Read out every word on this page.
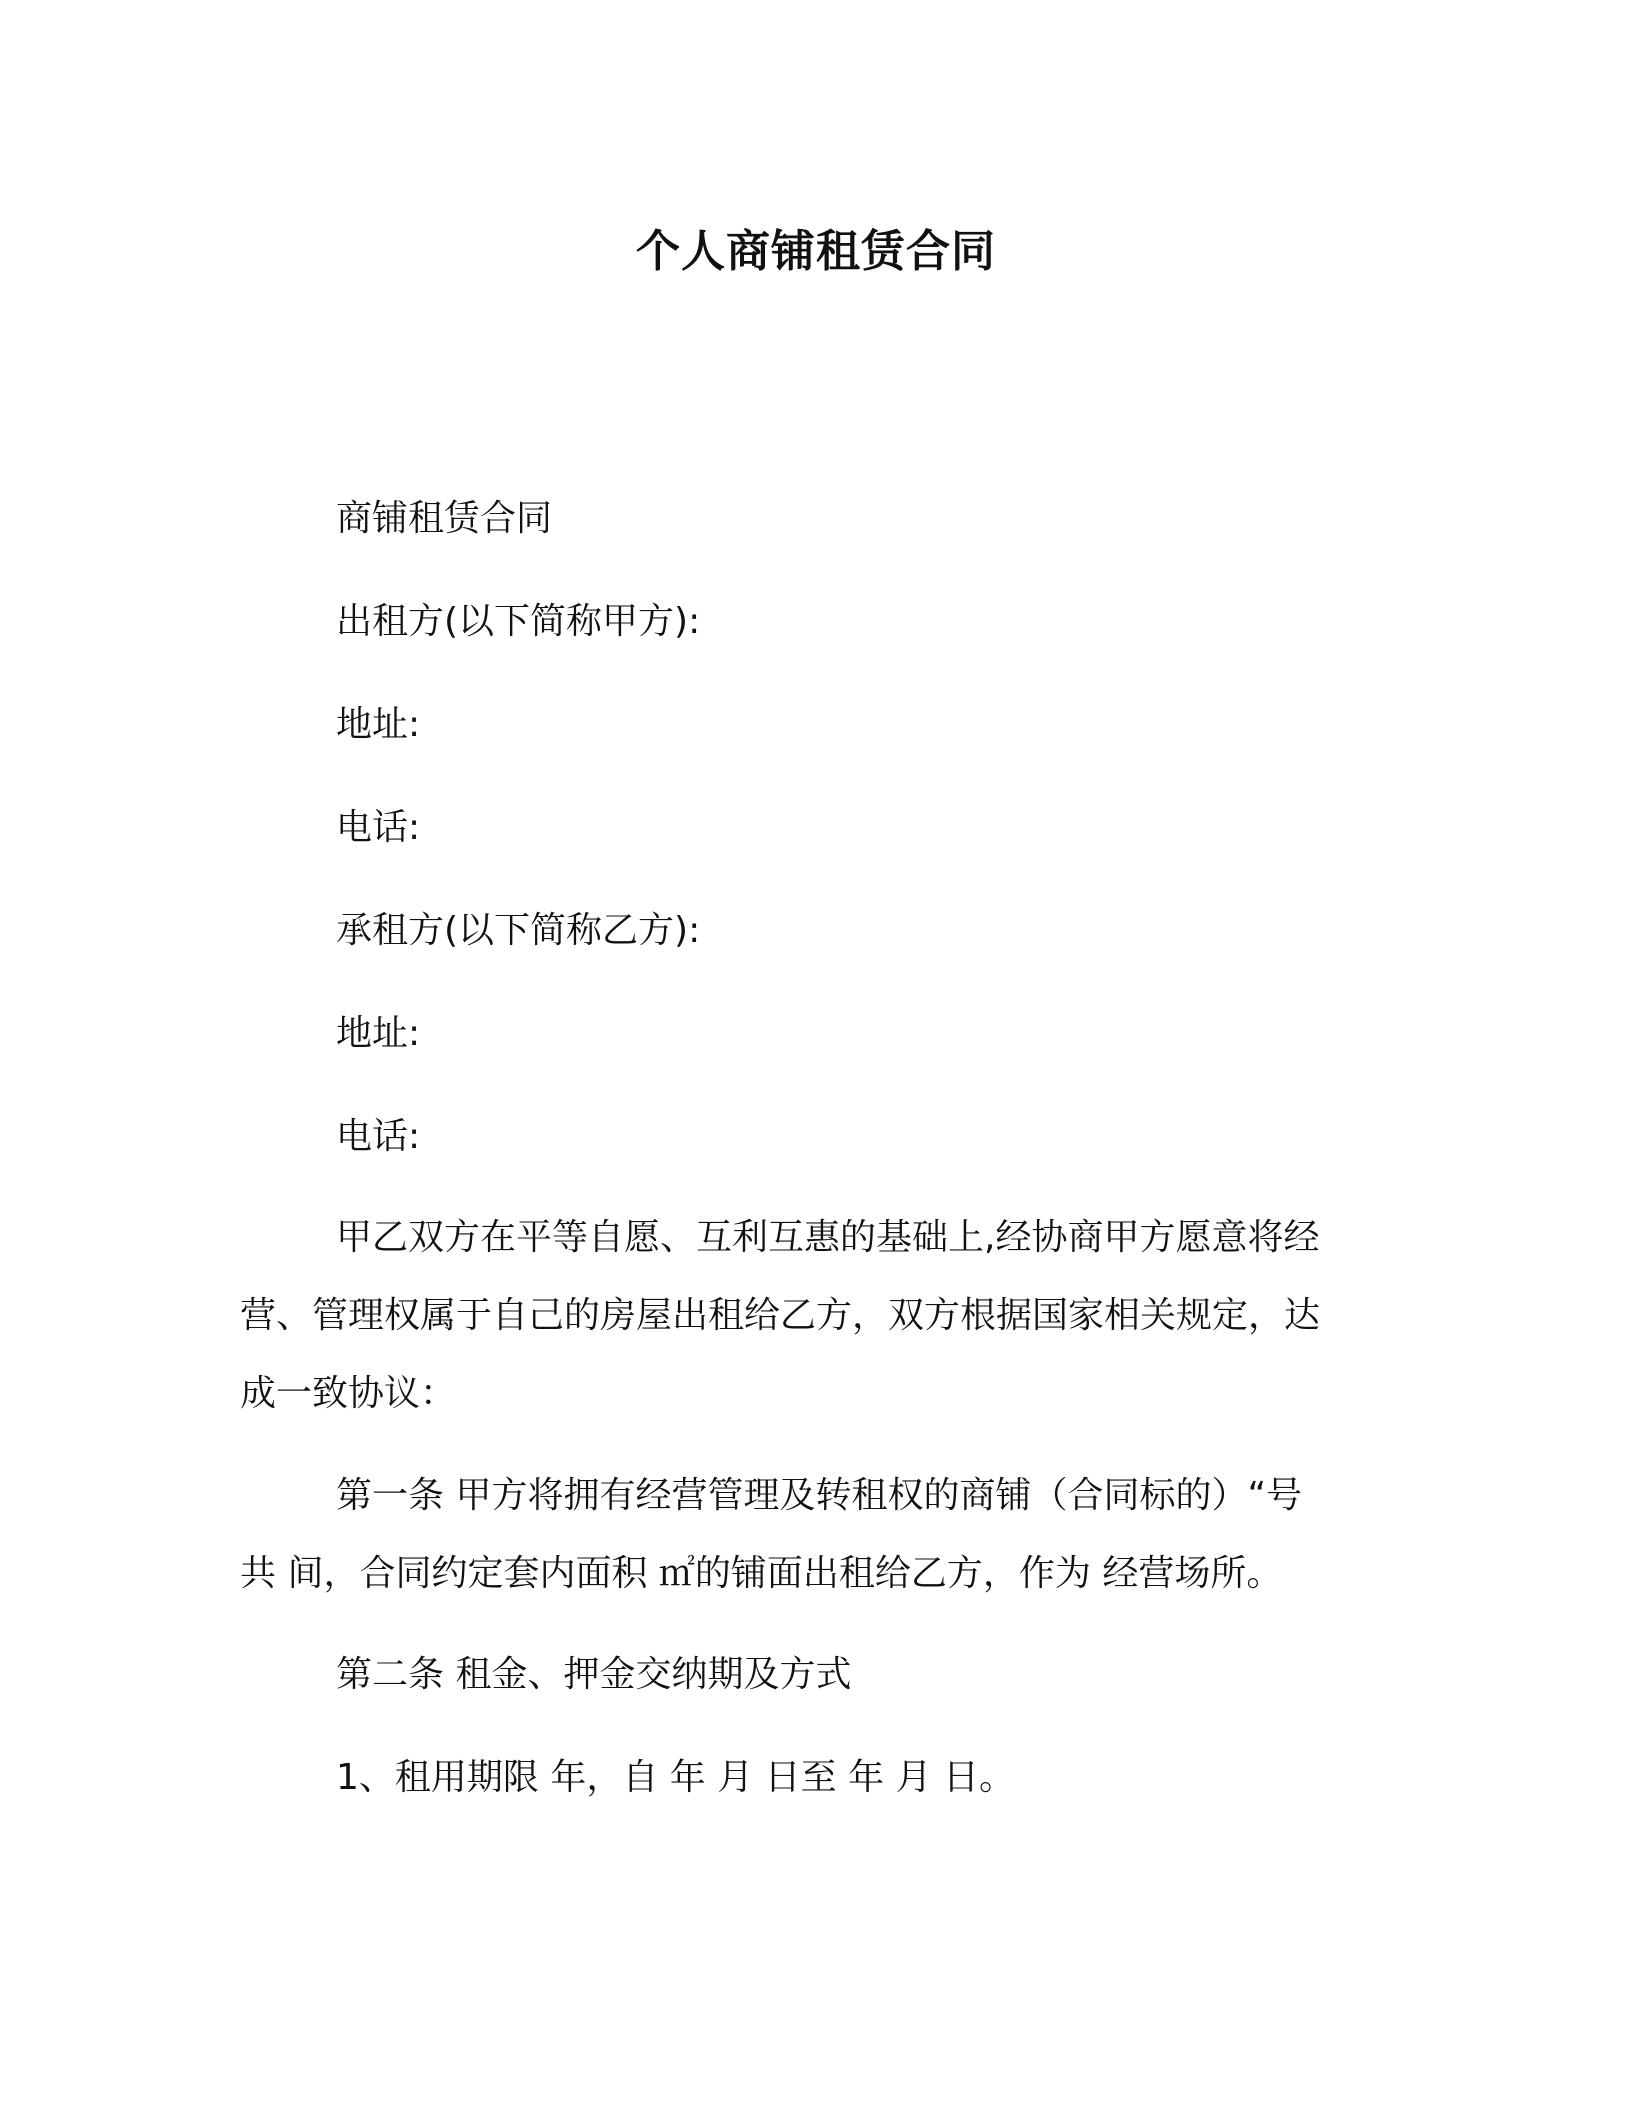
个人商铺租赁合同
商铺租赁合同
出租方(以下简称甲方):
地址:
电话:
承租方(以下简称乙方):
地址:
电话:
甲乙双方在平等自愿、互利互惠的基础上,经协商甲方愿意将经
营、管理权属于自己的房屋出租给乙方，双方根据国家相关规定，达
成一致协议：
第一条 甲方将拥有经营管理及转租权的商铺（合同标的）“号
共 间，合同约定套内面积 ㎡的铺面出租给乙方，作为 经营场所。
第二条 租金、押金交纳期及方式
1、租用期限 年，自 年 月 日至 年 月 日。
